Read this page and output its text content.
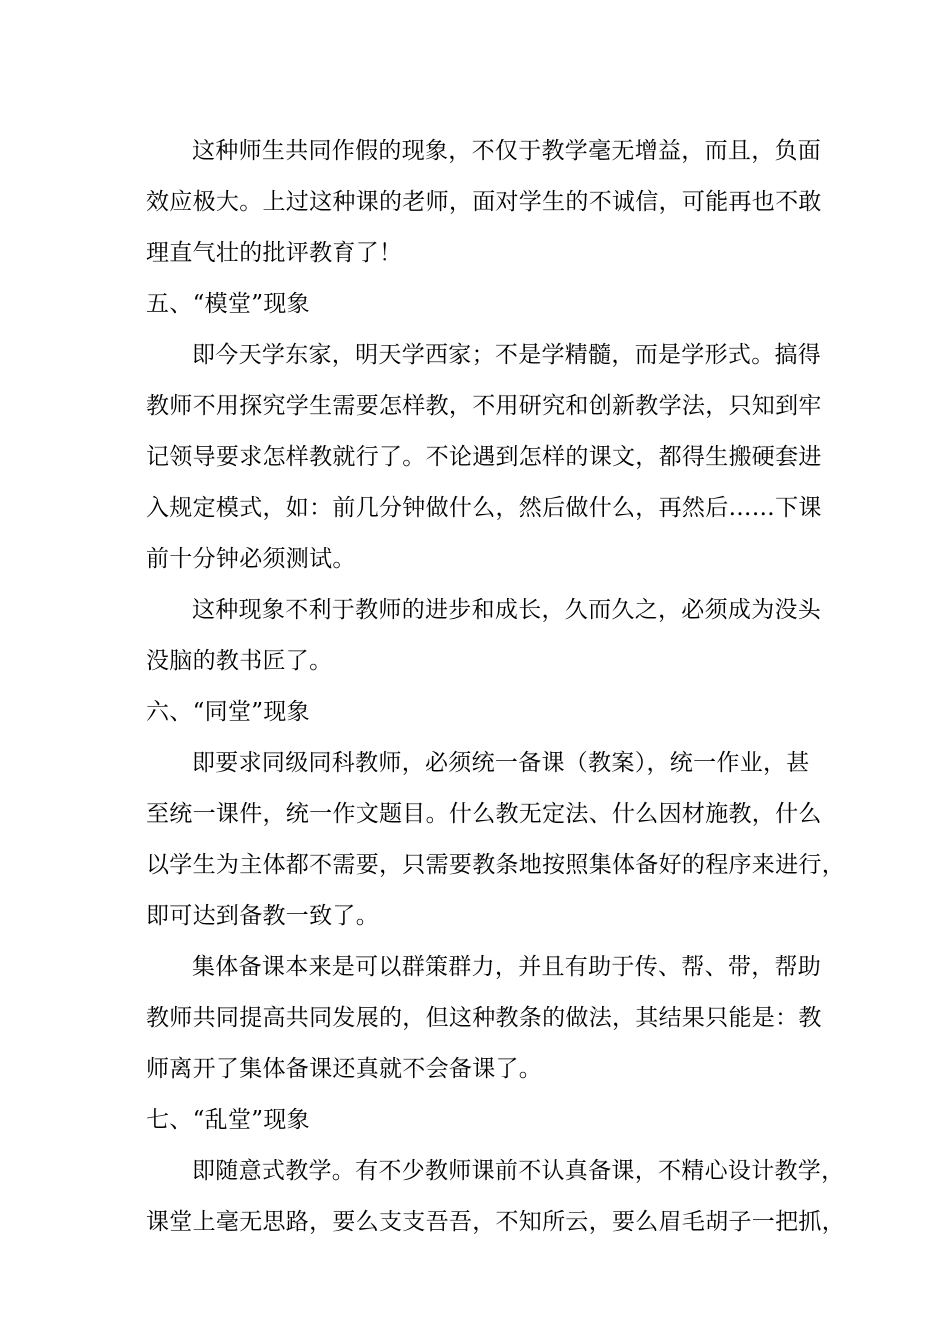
这种师生共同作假的现象，不仅于教学毫无增益，而且，负面
效应极大。上过这种课的老师，面对学生的不诚信，可能再也不敢
理直气壮的批评教育了！
五、“模堂”现象
即今天学东家，明天学西家；不是学精髓，而是学形式。搞得
教师不用探究学生需要怎样教，不用研究和创新教学法，只知到牢
记领导要求怎样教就行了。不论遇到怎样的课文，都得生搬硬套进
入规定模式，如：前几分钟做什么，然后做什么，再然后……下课
前十分钟必须测试。
这种现象不利于教师的进步和成长，久而久之，必须成为没头
没脑的教书匠了。
六、“同堂”现象
即要求同级同科教师，必须统一备课（教案），统一作业，甚
至统一课件，统一作文题目。什么教无定法、什么因材施教，什么
以学生为主体都不需要，只需要教条地按照集体备好的程序来进行，
即可达到备教一致了。
集体备课本来是可以群策群力，并且有助于传、帮、带，帮助
教师共同提高共同发展的，但这种教条的做法，其结果只能是：教
师离开了集体备课还真就不会备课了。
七、“乱堂”现象
即随意式教学。有不少教师课前不认真备课，不精心设计教学，
课堂上毫无思路，要么支支吾吾，不知所云，要么眉毛胡子一把抓，
